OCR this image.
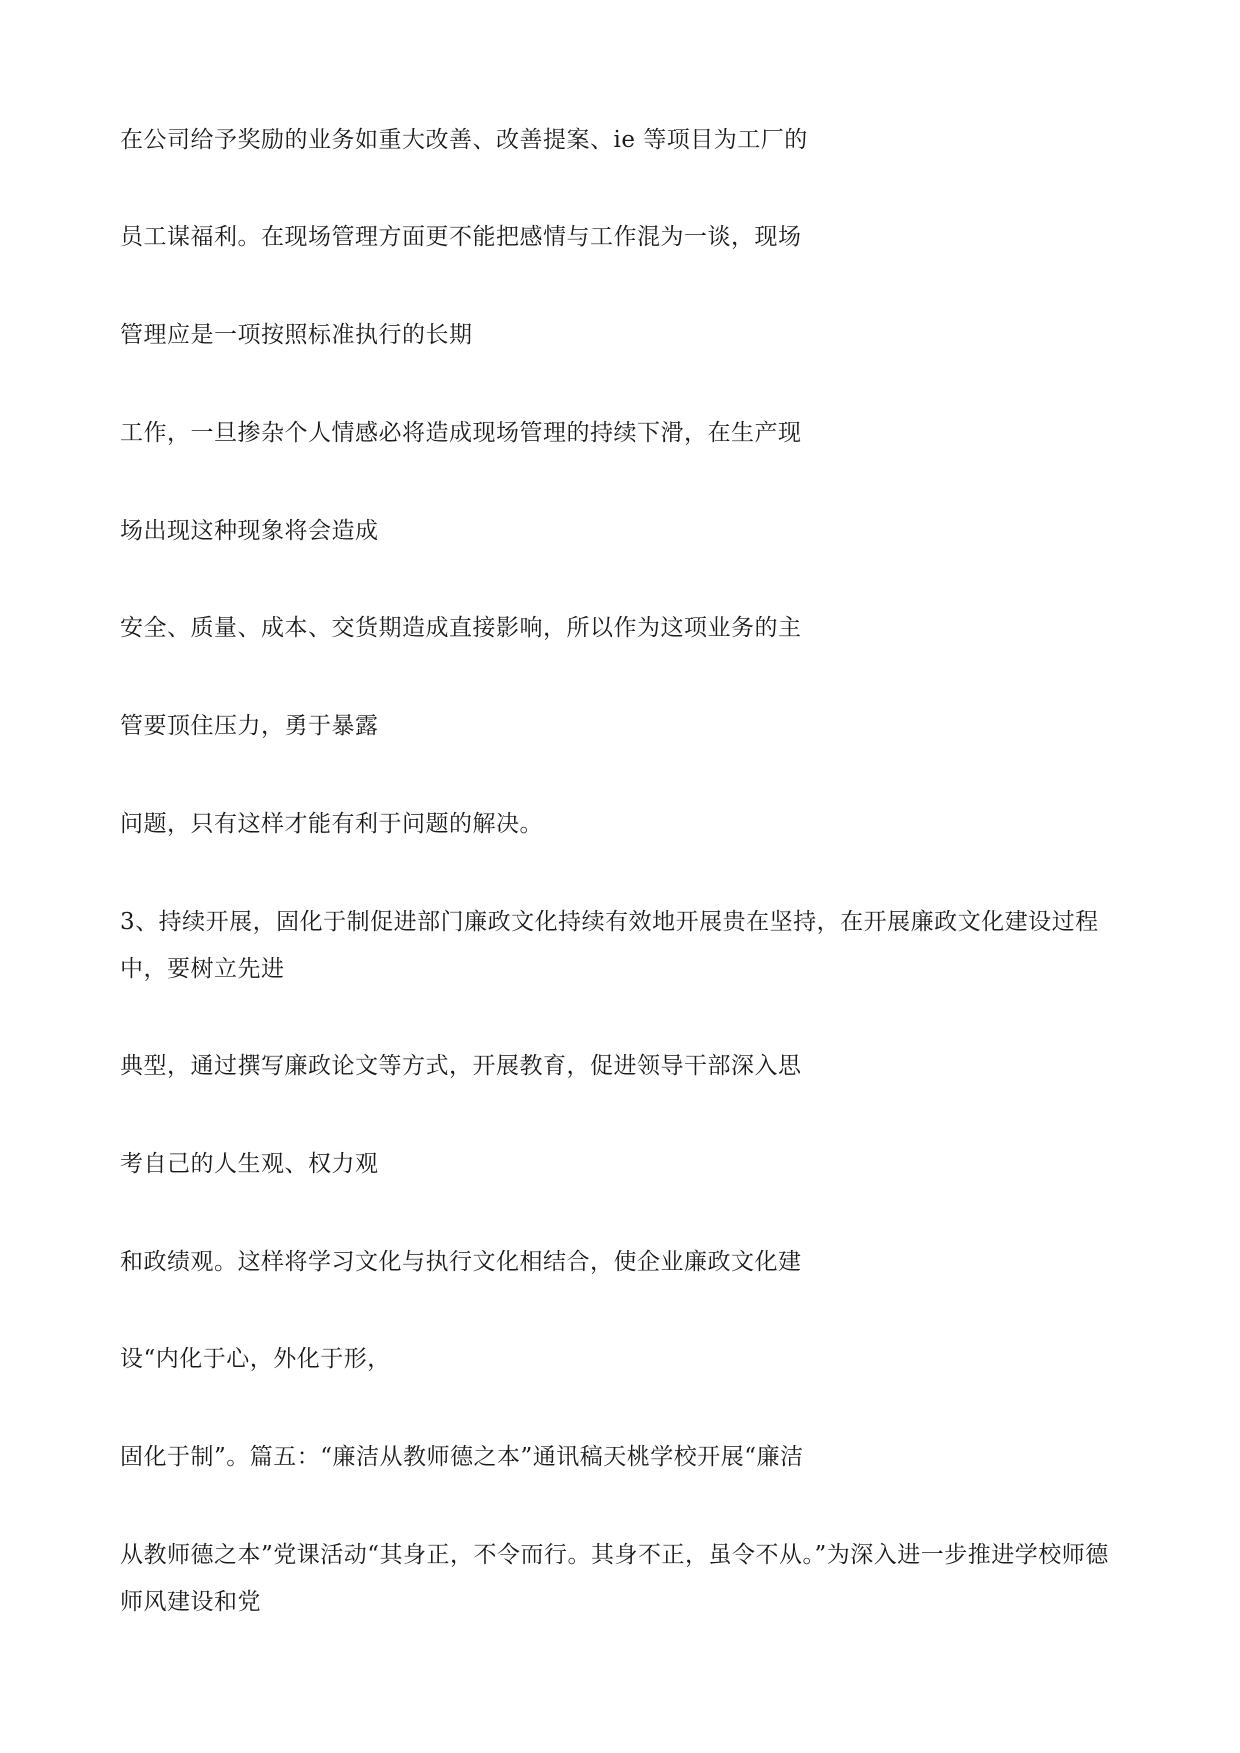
在公司给予奖励的业务如重大改善、改善提案、ie 等项目为工厂的
员工谋福利。在现场管理方面更不能把感情与工作混为一谈，现场
管理应是一项按照标准执行的长期
工作，一旦掺杂个人情感必将造成现场管理的持续下滑，在生产现
场出现这种现象将会造成
安全、质量、成本、交货期造成直接影响，所以作为这项业务的主
管要顶住压力，勇于暴露
问题，只有这样才能有利于问题的解决。
3、持续开展，固化于制促进部门廉政文化持续有效地开展贵在坚持，在开展廉政文化建设过程中，要树立先进
典型，通过撰写廉政论文等方式，开展教育，促进领导干部深入思
考自己的人生观、权力观
和政绩观。这样将学习文化与执行文化相结合，使企业廉政文化建
设“内化于心，外化于形，
固化于制”。篇五：“廉洁从教师德之本”通讯稿天桃学校开展“廉洁
从教师德之本”党课活动“其身正，不令而行。其身不正，虽令不从。”为深入进一步推进学校师德师风建设和党
